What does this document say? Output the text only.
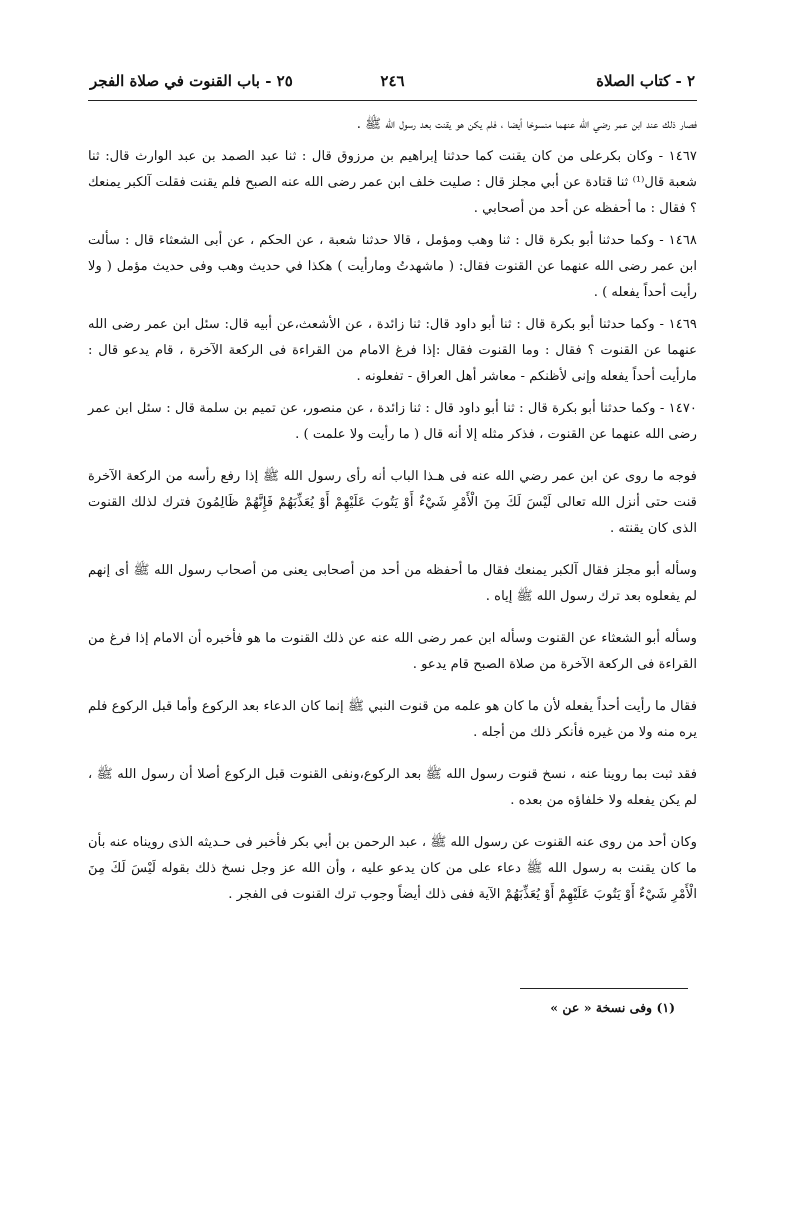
٢ - كتاب الصلاة
٢٤٦
٢٥ - باب القنوت في صلاة الفجر

فصار ذلك عند ابن عمر رضي الله عنهما منسوخا أيضا ، فلم يكن هو يقنت بعد رسول الله ﷺ .

١٤٦٧ - وكان بكرعلى من كان يقنت كما حدثنا إبراهيم بن مرزوق قال : ثنا عبد الصمد بن عبد الوارث قال: ثنا شعبة قال⁽¹⁾ ثنا قتادة عن أبي مجلز قال : صليت خلف ابن عمر رضى الله عنه الصبح فلم يقنت فقلت آلكبر يمنعك ؟ فقال : ما أحفظه عن أحد من أصحابي .

١٤٦٨ - وكما حدثنا أبو بكرة قال : ثنا وهب ومؤمل ، قالا حدثنا شعبة ، عن الحكم ، عن أبى الشعثاء قال : سألت ابن عمر رضى الله عنهما عن القنوت فقال: ( ماشهدتُ ومارأيت ) هكذا في حديث وهب وفى حديث مؤمل ( ولا رأيت أحداً يفعله ) .

١٤٦٩ - وكما حدثنا أبو بكرة قال : ثنا أبو داود قال: ثنا زائدة ، عن الأشعث،عن أبيه قال: سئل ابن عمر رضى الله عنهما عن القنوت ؟ فقال : وما القنوت فقال :إذا فرغ الامام من القراءة فى الركعة الآخرة ، قام يدعو قال : مارأيت أحداً يفعله وإنى لأظنكم - معاشر أهل العراق - تفعلونه .

١٤٧٠ - وكما حدثنا أبو بكرة قال : ثنا أبو داود قال : ثنا زائدة ، عن منصور، عن تميم بن سلمة قال : سئل ابن عمر رضى الله عنهما عن القنوت ، فذكر مثله إلا أنه قال ( ما رأيت ولا علمت ) .

فوجه ما روى عن ابن عمر رضي الله عنه فى هـذا الباب أنه رأى رسول الله ﷺ إذا رفع رأسه من الركعة الآخرة قنت حتى أنزل الله تعالى لَيْسَ لَكَ مِنَ الْأَمْرِ شَيْءٌ أَوْ يَتُوبَ عَلَيْهِمْ أَوْ يُعَذِّبَهُمْ فَإِنَّهُمْ ظَالِمُونَ فترك لذلك القنوت الذى كان يقنته .

وسأله أبو مجلز فقال آلكبر يمنعك فقال ما أحفظه من أحد من أصحابى يعنى من أصحاب رسول الله ﷺ أى إنهم لم يفعلوه بعد ترك رسول الله ﷺ إياه .

وسأله أبو الشعثاء عن القنوت وسأله ابن عمر رضى الله عنه عن ذلك القنوت ما هو فأخبره أن الامام إذا فرغ من القراءة فى الركعة الآخرة من صلاة الصبح قام يدعو .

فقال ما رأيت أحداً يفعله لأن ما كان هو علمه من قنوت النبي ﷺ إنما كان الدعاء بعد الركوع وأما قبل الركوع فلم يره منه ولا من غيره فأنكر ذلك من أجله .

فقد ثبت بما روينا عنه ، نسخ قنوت رسول الله ﷺ بعد الركوع،ونفى القنوت قبل الركوع أصلا أن رسول الله ﷺ ، لم يكن يفعله ولا خلفاؤه من بعده .

وكان أحد من روى عنه القنوت عن رسول الله ﷺ ، عبد الرحمن بن أبي بكر فأخبر فى حـديثه الذى رويناه عنه بأن ما كان يقنت به رسول الله ﷺ دعاء على من كان يدعو عليه ، وأن الله عز وجل نسخ ذلك بقوله لَيْسَ لَكَ مِنَ الْأَمْرِ شَيْءٌ أَوْ يَتُوبَ عَلَيْهِمْ أَوْ يُعَذِّبَهُمْ الآية ففى ذلك أيضاً وجوب ترك القنوت فى الفجر .

(١) وفى نسخة « عن »
